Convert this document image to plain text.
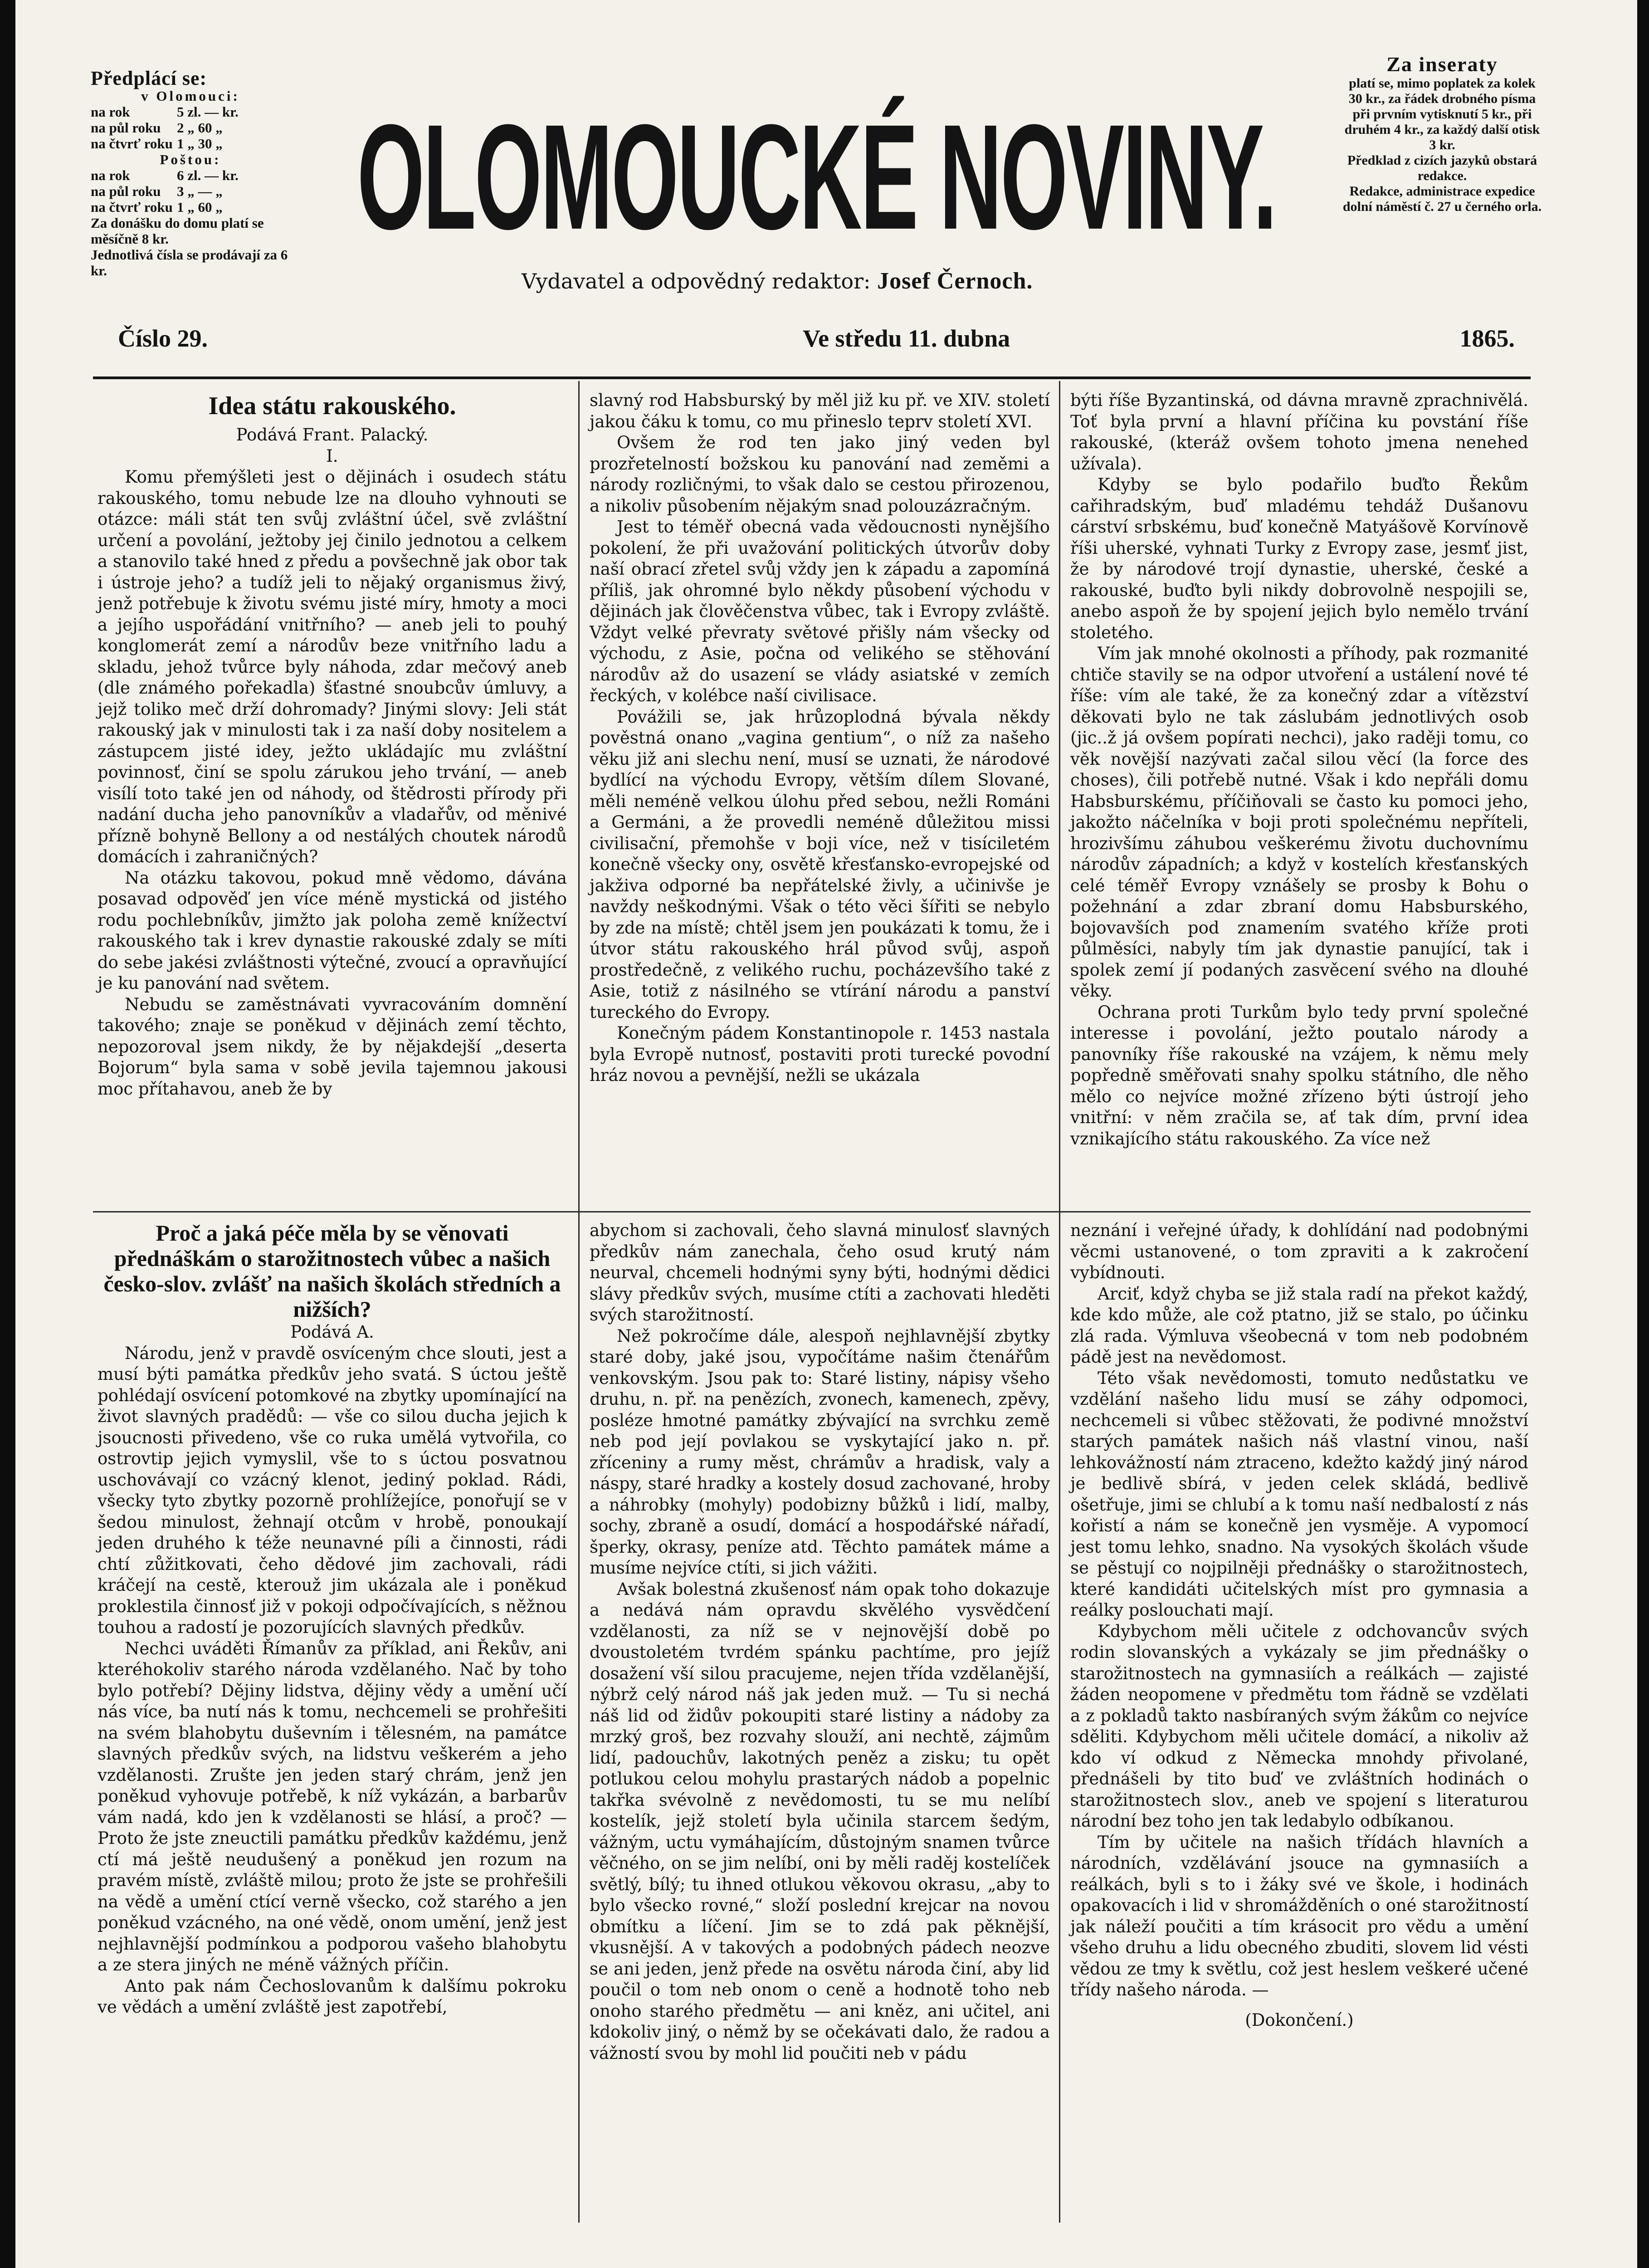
Předplácí se:
v Olomouci:
na rok	5 zl. — kr.
na půl roku	2 „ 60 „
na čtvrť roku 1 „ 30 „
Poštou:
na rok	6 zl. — kr.
na půl roku	3 „ — „
na čtvrť roku 1 „ 60 „
Za donášku do domu platí se měsíčně 8 kr.
Jednotlivá čísla se prodávají za 6 kr.
OLOMOUCKÉ NOVINY.
Vydavatel a odpovědný redaktor: Josef Černoch.
Za inseraty
platí se, mimo poplatek za kolek 30 kr., za řádek drobného písma při prvním vytisknutí 5 kr., při druhém 4 kr., za každý další otisk 3 kr.
Předklad z cizích jazyků obstará redakce.
Redakce, administrace expedice dolní náměstí č. 27 u černého orla.
Číslo 29.	Ve středu 11. dubna	1865.
Idea státu rakouského.
Podává Frant. Palacký.
I.

Komu přemýšleti jest o dějinách i osudech státu rakouského, tomu nebude lze na dlouho vyhnouti se otázce: máli stát ten svůj zvláštní účel, svě zvláštní určení a povolání, ježtoby jej činilo jednotou a celkem a stanovilo také hned z předu a povšechně jak obor tak i ústroje jeho? a tudíž jeli to nějaký organismus živý, jenž potřebuje k životu svému jisté míry, hmoty a moci a jejího uspořádání vnitřního? — aneb jeli to pouhý konglomerát zemí a národův beze vnitřního ladu a skladu, jehož tvůrce byly náhoda, zdar mečový aneb (dle známého pořekadla) šťastné snoubcův úmluvy, a jejž toliko meč drží dohromady? Jinými slovy: Jeli stát rakouský jak v minulosti tak i za naší doby nositelem a zástupcem jisté idey, ježto ukládajíc mu zvláštní povinnosť, činí se spolu zárukou jeho trvání, — aneb visílí toto také jen od náhody, od štědrosti přírody při nadání ducha jeho panovníkův a vladařův, od měnivé přízně bohyně Bellony a od nestálých choutek národů domácích i zahraničných?

Na otázku takovou, pokud mně vědomo, dávána posavad odpověď jen více méně mystická od jistého rodu pochlebníkův, jimžto jak poloha země knížectví rakouského tak i krev dynastie rakouské zdaly se míti do sebe jakési zvláštnosti výtečné, zvoucí a opravňující je ku panování nad světem.

Nebudu se zaměstnávati vyvracováním domnění takového; znaje se poněkud v dějinách zemí těchto, nepozoroval jsem nikdy, že by nějakdejší „deserta Bojorum“ byla sama v sobě jevila tajemnou jakousi moc přítahavou, aneb že by

slavný rod Habsburský by měl již ku př. ve XIV. století jakou čáku k tomu, co mu přineslo teprv století XVI.

Ovšem že rod ten jako jiný veden byl prozřetelností božskou ku panování nad zeměmi a národy rozličnými, to však dalo se cestou přirozenou, a nikoliv působením nějakým snad polouzázračným.

Jest to téměř obecná vada vědoucnosti nynějšího pokolení, že při uvažování politických útvorův doby naší obrací zřetel svůj vždy jen k západu a zapomíná příliš, jak ohromné bylo někdy působení východu v dějinách jak člověčenstva vůbec, tak i Evropy zvláště. Vždyt velké převraty světové přišly nám všecky od východu, z Asie, počna od velikého se stěhování národův až do usazení se vlády asiatské v zemích řeckých, v kolébce naší civilisace.

Povážili se, jak hrůzoplodná bývala někdy pověstná onano „vagina gentium“, o níž za našeho věku již ani slechu není, musí se uznati, že národové bydlící na východu Evropy, větším dílem Slované, měli neméně velkou úlohu před sebou, nežli Románi a Germáni, a že provedli neméně důležitou missi civilisační, přemohše v boji více, než v tisíciletém konečně všecky ony, osvětě křesťansko-evropejské od jakživa odporné ba nepřátelské živly, a učinivše je navždy neškodnými. Však o této věci šířiti se nebylo by zde na místě; chtěl jsem jen poukázati k tomu, že i útvor státu rakouského hrál původ svůj, aspoň prostředečně, z velikého ruchu, pocházevšího také z Asie, totiž z násilného se vtírání národu a panství tureckého do Evropy.

Konečným pádem Konstantinopole r. 1453 nastala byla Evropě nutnosť, postaviti proti turecké povodní hráz novou a pevnější, nežli se ukázala

býti říše Byzantinská, od dávna mravně zprachnivělá. Toť byla první a hlavní příčina ku povstání říše rakouské, (kteráž ovšem tohoto jmena nenehed užívala).

Kdyby se bylo podařilo buďto Řekům cařihradským, buď mladému tehdáž Dušanovu cárství srbskému, buď konečně Matyášově Korvínově říši uherské, vyhnati Turky z Evropy zase, jesmť jist, že by národové trojí dynastie, uherské, české a rakouské, buďto byli nikdy dobrovolně nespojili se, anebo aspoň že by spojení jejich bylo nemělo trvání stoletého.

Vím jak mnohé okolnosti a příhody, pak rozmanité chtiče stavily se na odpor utvoření a ustálení nové té říše: vím ale také, že za konečný zdar a vítězství děkovati bylo ne tak záslubám jednotlivých osob (jic..ž já ovšem popírati nechci), jako raději tomu, co věk novější nazývati začal silou věcí (la force des choses), čili potřebě nutné. Však i kdo nepřáli domu Habsburskému, příčiňovali se často ku pomoci jeho, jakožto náčelníka v boji proti společnému nepříteli, hrozivšímu záhubou veškerému životu duchovnímu národův západních; a když v kostelích křesťanských celé téměř Evropy vznášely se prosby k Bohu o požehnání a zdar zbraní domu Habsburského, bojovavších pod znamením svatého kříže proti půlměsíci, nabyly tím jak dynastie panující, tak i spolek zemí jí podaných zasvěcení svého na dlouhé věky.

Ochrana proti Turkům bylo tedy první společné interesse i povolání, ježto poutalo národy a panovníky říše rakouské na vzájem, k němu mely popředně směřovati snahy spolku státního, dle něho mělo co nejvíce možné zřízeno býti ústrojí jeho vnitřní: v něm zračila se, ať tak dím, první idea vznikajícího státu rakouského. Za více než

Proč a jaká péče měla by se věnovati přednáškám o starožitnostech vůbec a našich česko-slov. zvlášť na našich školách středních a nižších?
Podává A.

Národu, jenž v pravdě osvíceným chce slouti, jest a musí býti památka předkův jeho svatá. S úctou ještě pohlédají osvícení potomkové na zbytky upomínající na život slavných pradědů: — vše co silou ducha jejich k jsoucnosti přivedeno, vše co ruka umělá vytvořila, co ostrovtip jejich vymyslil, vše to s úctou posvatnou uschovávají co vzácný klenot, jediný poklad. Rádi, všecky tyto zbytky pozorně prohlížejíce, ponořují se v šedou minulost, žehnají otcům v hrobě, ponoukají jeden druhého k téže neunavné píli a činnosti, rádi chtí zůžitkovati, čeho dědové jim zachovali, rádi kráčejí na cestě, kterouž jim ukázala ale i poněkud proklestila činnosť již v pokoji odpočívajících, s něžnou touhou a radostí je pozorujících slavných předkův.

Nechci uváděti Římanův za příklad, ani Řekův, ani kteréhokoliv starého národa vzdělaného. Nač by toho bylo potřebí? Dějiny lidstva, dějiny vědy a umění učí nás více, ba nutí nás k tomu, nechcemeli se prohřešiti na svém blahobytu duševním i tělesném, na památce slavných předkův svých, na lidstvu veškerém a jeho vzdělanosti. Zrušte jen jeden starý chrám, jenž jen poněkud vyhovuje potřebě, k níž vykázán, a barbarův vám nadá, kdo jen k vzdělanosti se hlásí, a proč? — Proto že jste zneuctili památku předkův každému, jenž ctí má ještě neudušený a poněkud jen rozum na pravém místě, zvláště milou; proto že jste se prohřešili na vědě a umění ctící verně všecko, což starého a jen poněkud vzácného, na oné vědě, onom umění, jenž jest nejhlavnější podmínkou a podporou vašeho blahobytu a ze stera jiných ne méně vážných příčin.

Anto pak nám Čechoslovanům k dalšímu pokroku ve vědách a umění zvláště jest zapotřebí,

abychom si zachovali, čeho slavná minulosť slavných předkův nám zanechala, čeho osud krutý nám neurval, chcemeli hodnými syny býti, hodnými dědici slávy předkův svých, musíme ctíti a zachovati hleděti svých starožitností.

Než pokročíme dále, alespoň nejhlavnější zbytky staré doby, jaké jsou, vypočítáme našim čtenářům venkovským. Jsou pak to: Staré listiny, nápisy všeho druhu, n. př. na penězích, zvonech, kamenech, zpěvy, posléze hmotné památky zbývající na svrchku země neb pod její povlakou se vyskytající jako n. př. zříceniny a rumy měst, chrámův a hradisk, valy a náspy, staré hradky a kostely dosud zachované, hroby a náhrobky (mohyly) podobizny bůžků i lidí, malby, sochy, zbraně a osudí, domácí a hospodářské nářadí, šperky, okrasy, peníze atd. Těchto památek máme a musíme nejvíce ctíti, si jich vážiti.

Avšak bolestná zkušenosť nám opak toho dokazuje a nedává nám opravdu skvělého vysvědčení vzdělanosti, za níž se v nejnovější době po dvoustoletém tvrdém spánku pachtíme, pro jejíž dosažení vší silou pracujeme, nejen třída vzdělanější, nýbrž celý národ náš jak jeden muž. — Tu si nechá náš lid od židův pokoupiti staré listiny a nádoby za mrzký groš, bez rozvahy slouží, ani nechtě, zájmům lidí, padouchův, lakotných peněz a zisku; tu opět potlukou celou mohylu prastarých nádob a popelnic takřka svévolně z nevědomosti, tu se mu nelíbí kostelík, jejž století byla učinila starcem šedým, vážným, uctu vymáhajícím, důstojným snamen tvůrce věčného, on se jim nelíbí, oni by měli raděj kostelíček světlý, bílý; tu ihned otlukou věkovou okrasu, „aby to bylo všecko rovné,“ složí poslední krejcar na novou obmítku a líčení. Jim se to zdá pak pěknější, vkusnější. A v takových a podobných pádech neozve se ani jeden, jenž přede na osvětu národa činí, aby lid poučil o tom neb onom o ceně a hodnotě toho neb onoho starého předmětu — ani kněz, ani učitel, ani kdokoliv jiný, o němž by se očekávati dalo, že radou a vážností svou by mohl lid poučiti neb v pádu

neznání i veřejné úřady, k dohlídání nad podobnými věcmi ustanovené, o tom zpraviti a k zakročení vybídnouti.

Arciť, když chyba se již stala radí na překot každý, kde kdo může, ale což ptatno, již se stalo, po účinku zlá rada. Výmluva všeobecná v tom neb podobném pádě jest na nevědomost.

Této však nevědomosti, tomuto nedůstatku ve vzdělání našeho lidu musí se záhy odpomoci, nechcemeli si vůbec stěžovati, že podivné množství starých památek našich náš vlastní vinou, naší lehkovážností nám ztraceno, kdežto každý jiný národ je bedlivě sbírá, v jeden celek skládá, bedlivě ošetřuje, jimi se chlubí a k tomu naší nedbalostí z nás kořistí a nám se konečně jen vysměje. A vypomocí jest tomu lehko, snadno. Na vysokých školách všude se pěstují co nojpilněji přednášky o starožitnostech, které kandidáti učitelských míst pro gymnasia a reálky poslouchati mají.

Kdybychom měli učitele z odchovancův svých rodin slovanských a vykázaly se jim přednášky o starožitnostech na gymnasiích a reálkách — zajisté žáden neopomene v předmětu tom řádně se vzdělati a z pokladů takto nasbíraných svým žákům co nejvíce sděliti. Kdybychom měli učitele domácí, a nikoliv až kdo ví odkud z Německa mnohdy přivolané, přednášeli by tito buď ve zvláštních hodinách o starožitnostech slov., aneb ve spojení s literaturou národní bez toho jen tak ledabylo odbíkanou.

Tím by učitele na našich třídách hlavních a národních, vzdělávání jsouce na gymnasiích a reálkách, byli s to i žáky své ve škole, i hodinách opakovacích i lid v shromážděních o oné starožitností jak náleží poučiti a tím krásocit pro vědu a umění všeho druhu a lidu obecného zbuditi, slovem lid vésti vědou ze tmy k světlu, což jest heslem veškeré učené třídy našeho národa. —

(Dokončení.)
